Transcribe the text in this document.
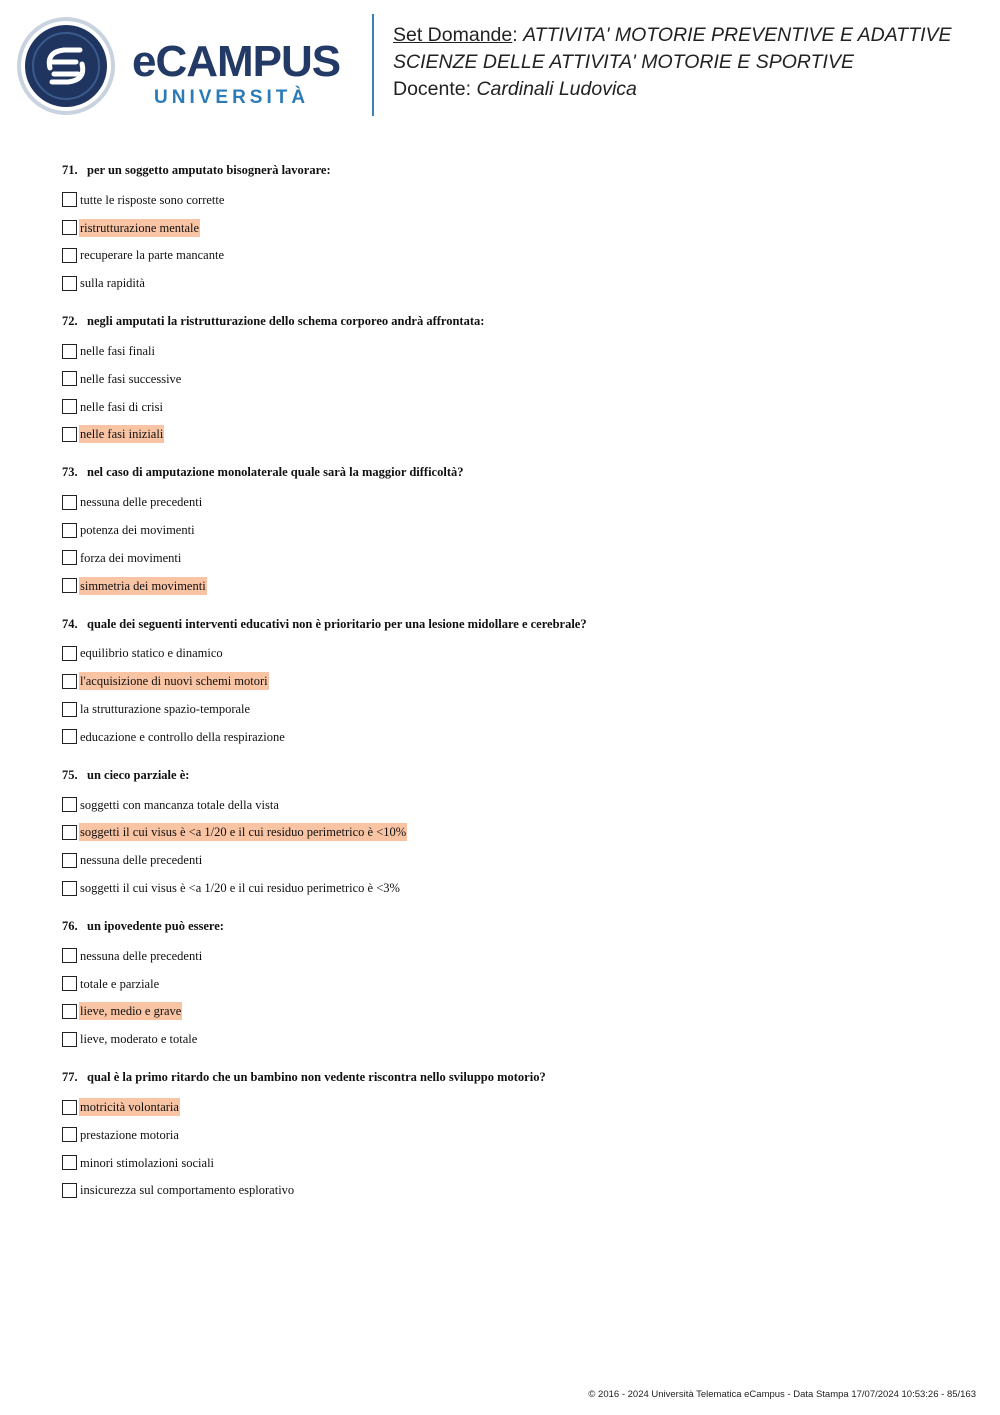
eCAMPUS
UNIVERSITÀ
Set Domande: ATTIVITA' MOTORIE PREVENTIVE E ADATTIVE
SCIENZE DELLE ATTIVITA' MOTORIE E SPORTIVE
Docente: Cardinali Ludovica
71. per un soggetto amputato bisognerà lavorare:
tutte le risposte sono corrette
ristrutturazione mentale
recuperare la parte mancante
sulla rapidità
72. negli amputati la ristrutturazione dello schema corporeo andrà affrontata:
nelle fasi finali
nelle fasi successive
nelle fasi di crisi
nelle fasi iniziali
73. nel caso di amputazione monolaterale quale sarà la maggior difficoltà?
nessuna delle precedenti
potenza dei movimenti
forza dei movimenti
simmetria dei movimenti
74. quale dei seguenti interventi educativi non è prioritario per una lesione midollare e cerebrale?
equilibrio statico e dinamico
l'acquisizione di nuovi schemi motori
la strutturazione spazio-temporale
educazione e controllo della respirazione
75. un cieco parziale è:
soggetti con mancanza totale della vista
soggetti il cui visus è <a 1/20 e il cui residuo perimetrico è <10%
nessuna delle precedenti
soggetti il cui visus è <a 1/20 e il cui residuo perimetrico è <3%
76. un ipovedente può essere:
nessuna delle precedenti
totale e parziale
lieve, medio e grave
lieve, moderato e totale
77. qual è la primo ritardo che un bambino non vedente riscontra nello sviluppo motorio?
motricità volontaria
prestazione motoria
minori stimolazioni sociali
insicurezza sul comportamento esplorativo
© 2016 - 2024 Università Telematica eCampus - Data Stampa 17/07/2024 10:53:26 - 85/163
